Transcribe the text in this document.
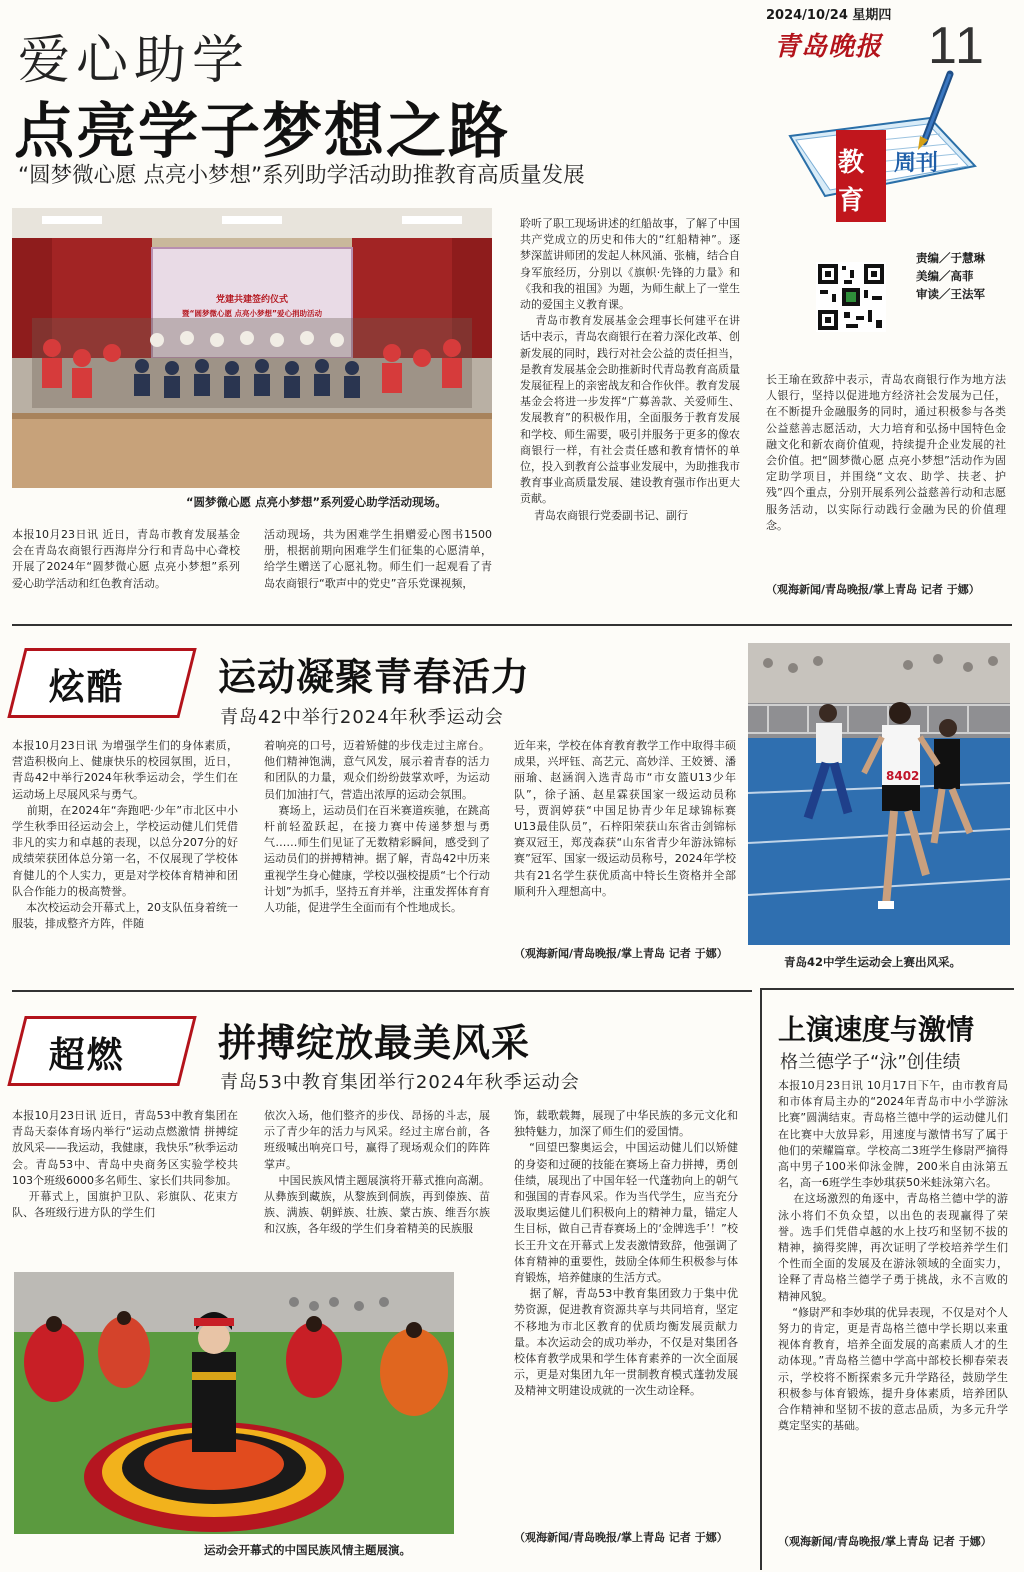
2024/10/24 星期四
青岛晚报 11
教
育
周刊
责编／于慧琳
美编／高菲
审读／王法军
爱心助学
点亮学子梦想之路
“圆梦微心愿 点亮小梦想”系列助学活动助推教育高质量发展
党建共建签约仪式
暨“圆梦微心愿 点亮小梦想”爱心捐助活动
“圆梦微心愿 点亮小梦想”系列爱心助学活动现场。
本报10月23日讯 近日，青岛市教育发展基金会在青岛农商银行西海岸分行和青岛中心聋校开展了2024年“圆梦微心愿 点亮小梦想”系列爱心助学活动和红色教育活动。
活动现场，共为困难学生捐赠爱心图书1500册，根据前期向困难学生们征集的心愿清单，给学生赠送了心愿礼物。师生们一起观看了青岛农商银行“歌声中的党史”音乐党课视频，
聆听了职工现场讲述的红船故事，了解了中国共产党成立的历史和伟大的“红船精神”。逐梦深蓝讲师团的发起人林风涌、张楠，结合自身军旅经历，分别以《旗帜·先锋的力量》和《我和我的祖国》为题，为师生献上了一堂生动的爱国主义教育课。
青岛市教育发展基金会理事长何建平在讲话中表示，青岛农商银行在着力深化改革、创新发展的同时，践行对社会公益的责任担当，是教育发展基金会助推新时代青岛教育高质量发展征程上的亲密战友和合作伙伴。教育发展基金会将进一步发挥“广募善款、关爱师生、发展教育”的积极作用，全面服务于教育发展和学校、师生需要，吸引并服务于更多的像农商银行一样，有社会责任感和教育情怀的单位，投入到教育公益事业发展中，为助推我市教育事业高质量发展、建设教育强市作出更大贡献。
青岛农商银行党委副书记、副行
长王瑜在致辞中表示，青岛农商银行作为地方法人银行，坚持以促进地方经济社会发展为己任，在不断提升金融服务的同时，通过积极参与各类公益慈善志愿活动，大力培育和弘扬中国特色金融文化和新农商价值观，持续提升企业发展的社会价值。把“圆梦微心愿 点亮小梦想”活动作为固定助学项目，并围绕“文农、助学、扶老、护残”四个重点，分别开展系列公益慈善行动和志愿服务活动，以实际行动践行金融为民的价值理念。
（观海新闻/青岛晚报/掌上青岛 记者 于娜）
炫酷 运动凝聚青春活力
青岛42中举行2024年秋季运动会
本报10月23日讯 为增强学生们的身体素质，营造积极向上、健康快乐的校园氛围，近日，青岛42中举行2024年秋季运动会，学生们在运动场上尽展风采与勇气。
前期，在2024年“奔跑吧·少年”市北区中小学生秋季田径运动会上，学校运动健儿们凭借非凡的实力和卓越的表现，以总分207分的好成绩荣获团体总分第一名，不仅展现了学校体育健儿的个人实力，更是对学校体育精神和团队合作能力的极高赞誉。
本次校运动会开幕式上，20支队伍身着统一服装，排成整齐方阵，伴随
着响亮的口号，迈着矫健的步伐走过主席台。他们精神饱满，意气风发，展示着青春的活力和团队的力量，观众们纷纷鼓掌欢呼，为运动员们加油打气，营造出浓厚的运动会氛围。
赛场上，运动员们在百米赛道疾驰，在跳高杆前轻盈跃起，在接力赛中传递梦想与勇气……师生们见证了无数精彩瞬间，感受到了运动员们的拼搏精神。据了解，青岛42中历来重视学生身心健康，学校以强校提质“七个行动计划”为抓手，坚持五育并举，注重发挥体育育人功能，促进学生全面而有个性地成长。
近年来，学校在体育教育教学工作中取得丰硕成果，兴坪钰、高艺元、高妙洋、王姣赟、潘丽瑜、赵涵润入选青岛市“市女篮U13少年队”，徐子涵、赵星霖获国家一级运动员称号，贾润婷获“中国足协青少年足球锦标赛U13最佳队员”，石梓阳荣获山东省击剑锦标赛双冠王，郑茂森获“山东省青少年游泳锦标赛”冠军、国家一级运动员称号，2024年学校共有21名学生获优质高中特长生资格并全部顺利升入理想高中。
（观海新闻/青岛晚报/掌上青岛 记者 于娜）
8402
青岛42中学生运动会上赛出风采。
超燃 拼搏绽放最美风采
青岛53中教育集团举行2024年秋季运动会
本报10月23日讯 近日，青岛53中教育集团在青岛天泰体育场内举行“运动点燃激情 拼搏绽放风采——我运动，我健康，我快乐”秋季运动会。青岛53中、青岛中央商务区实验学校共103个班级6000多名师生、家长们共同参加。
开幕式上，国旗护卫队、彩旗队、花束方队、各班级行进方队的学生们
依次入场，他们整齐的步伐、昂扬的斗志，展示了青少年的活力与风采。经过主席台前，各班级喊出响亮口号，赢得了现场观众们的阵阵掌声。
中国民族风情主题展演将开幕式推向高潮。从彝族到藏族，从黎族到侗族，再到傣族、苗族、满族、朝鲜族、壮族、蒙古族、维吾尔族和汉族，各年级的学生们身着精美的民族服
饰，载歌载舞，展现了中华民族的多元文化和独特魅力，加深了师生们的爱国情。
“回望巴黎奥运会，中国运动健儿们以矫健的身姿和过硬的技能在赛场上奋力拼搏，勇创佳绩，展现出了中国年轻一代蓬勃向上的朝气和强国的青春风采。作为当代学生，应当充分汲取奥运健儿们积极向上的精神力量，锚定人生目标，做自己青春赛场上的‘金牌选手’！”校长王升文在开幕式上发表激情致辞，他强调了体育精神的重要性，鼓励全体师生积极参与体育锻炼，培养健康的生活方式。
据了解，青岛53中教育集团致力于集中优势资源，促进教育资源共享与共同培育，坚定不移地为市北区教育的优质均衡发展贡献力量。本次运动会的成功举办，不仅是对集团各校体育教学成果和学生体育素养的一次全面展示，更是对集团九年一贯制教育模式蓬勃发展及精神文明建设成就的一次生动诠释。
（观海新闻/青岛晚报/掌上青岛 记者 于娜）
运动会开幕式的中国民族风情主题展演。
上演速度与激情
格兰德学子“泳”创佳绩
本报10月23日讯 10月17日下午，由市教育局和市体育局主办的“2024年青岛市中小学游泳比赛”圆满结束。青岛格兰德中学的运动健儿们在比赛中大放异彩，用速度与激情书写了属于他们的荣耀篇章。学校高二3班学生修尉严摘得高中男子100米仰泳金牌，200米自由泳第五名，高一6班学生李妙琪获50米蛙泳第六名。
在这场激烈的角逐中，青岛格兰德中学的游泳小将们不负众望，以出色的表现赢得了荣誉。选手们凭借卓越的水上技巧和坚韧不拔的精神，摘得奖牌，再次证明了学校培养学生们个性而全面的发展及在游泳领域的全面实力，诠释了青岛格兰德学子勇于挑战，永不言败的精神风貌。
“修尉严和李妙琪的优异表现，不仅是对个人努力的肯定，更是青岛格兰德中学长期以来重视体育教育，培养全面发展的高素质人才的生动体现。”青岛格兰德中学高中部校长柳春荣表示，学校将不断探索多元升学路径，鼓励学生积极参与体育锻炼，提升身体素质，培养团队合作精神和坚韧不拔的意志品质，为多元升学奠定坚实的基础。
（观海新闻/青岛晚报/掌上青岛 记者 于娜）
